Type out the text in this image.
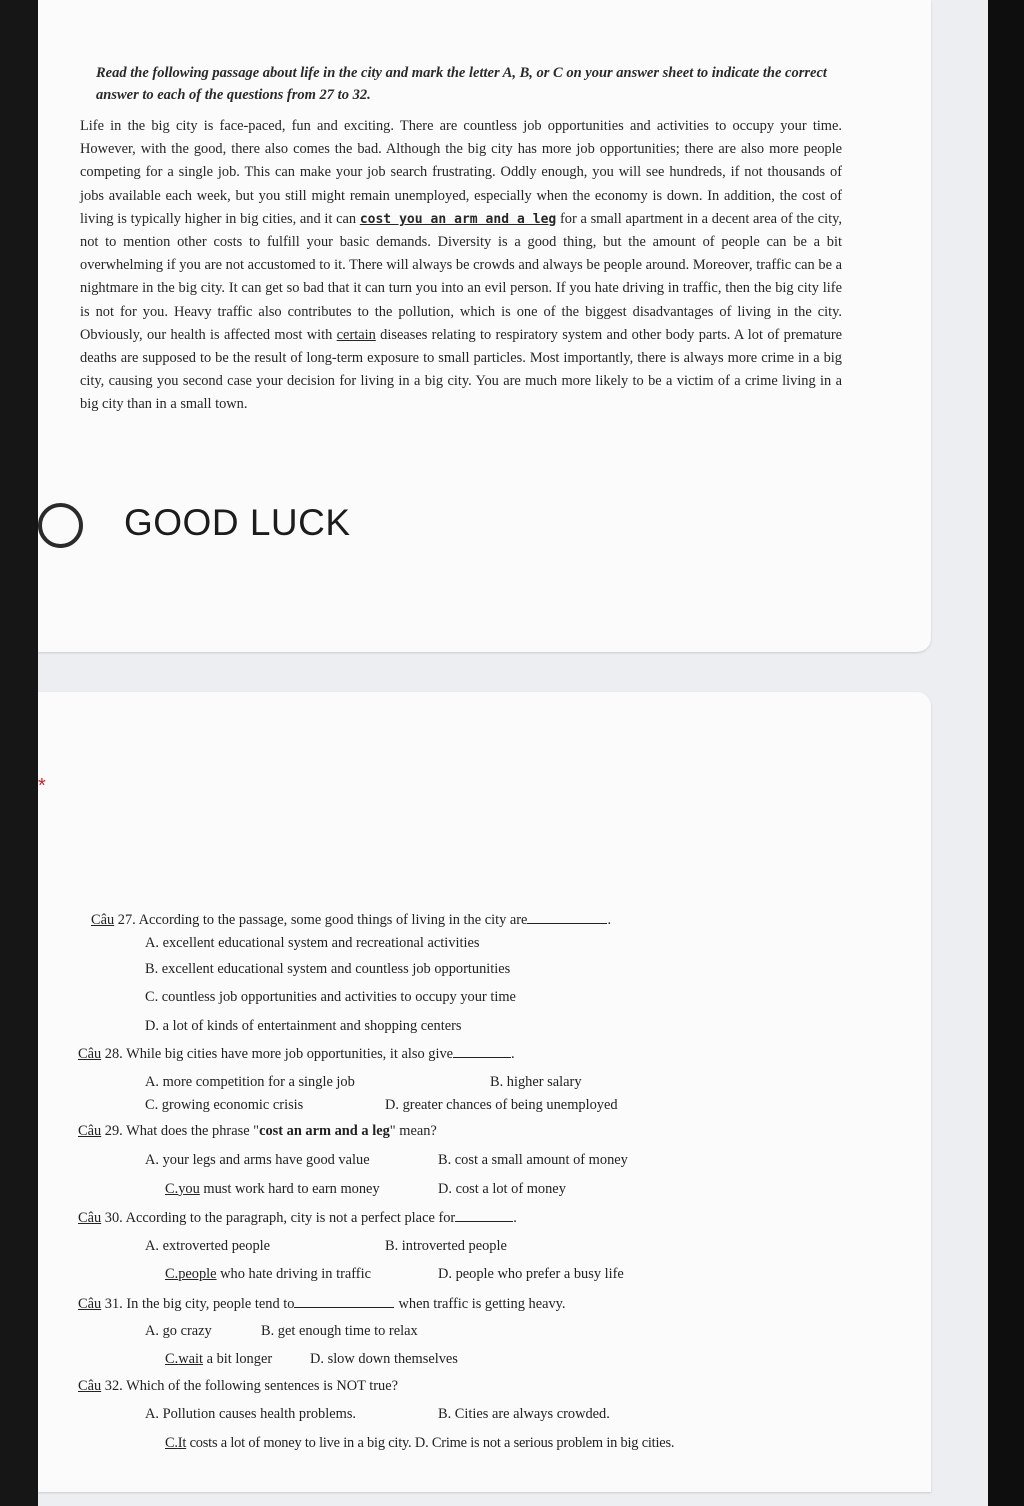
Read the following passage about life in the city and mark the letter A, B, or C on your answer sheet to indicate the correct answer to each of the questions from 27 to 32.

Life in the big city is face-paced, fun and exciting. There are countless job opportunities and activities to occupy your time. However, with the good, there also comes the bad. Although the big city has more job opportunities; there are also more people competing for a single job. This can make your job search frustrating. Oddly enough, you will see hundreds, if not thousands of jobs available each week, but you still might remain unemployed, especially when the economy is down. In addition, the cost of living is typically higher in big cities, and it can cost you an arm and a leg for a small apartment in a decent area of the city, not to mention other costs to fulfill your basic demands. Diversity is a good thing, but the amount of people can be a bit overwhelming if you are not accustomed to it. There will always be crowds and always be people around. Moreover, traffic can be a nightmare in the big city. It can get so bad that it can turn you into an evil person. If you hate driving in traffic, then the big city life is not for you. Heavy traffic also contributes to the pollution, which is one of the biggest disadvantages of living in the city. Obviously, our health is affected most with certain diseases relating to respiratory system and other body parts. A lot of premature deaths are supposed to be the result of long-term exposure to small particles. Most importantly, there is always more crime in a big city, causing you second case your decision for living in a big city. You are much more likely to be a victim of a crime living in a big city than in a small town.

GOOD LUCK
*
Câu 27. According to the passage, some good things of living in the city are	.
A. excellent educational system and recreational activities
B. excellent educational system and countless job opportunities
C. countless job opportunities and activities to occupy your time
D. a lot of kinds of entertainment and shopping centers
Câu 28. While big cities have more job opportunities, it also give	.
A. more competition for a single job	B. higher salary
C. growing economic crisis	D. greater chances of being unemployed
Câu 29. What does the phrase "cost an arm and a leg" mean?
A. your legs and arms have good value	B. cost a small amount of money
C.you must work hard to earn money	D. cost a lot of money
Câu 30. According to the paragraph, city is not a perfect place for	.
A. extroverted people	B. introverted people
C.people who hate driving in traffic	D. people who prefer a busy life
Câu 31. In the big city, people tend to	when traffic is getting heavy.
A. go crazy	B. get enough time to relax
C.wait a bit longer	D. slow down themselves
Câu 32. Which of the following sentences is NOT true?
A. Pollution causes health problems.	B. Cities are always crowded.
C.It costs a lot of money to live in a big city. D. Crime is not a serious problem in big cities.
